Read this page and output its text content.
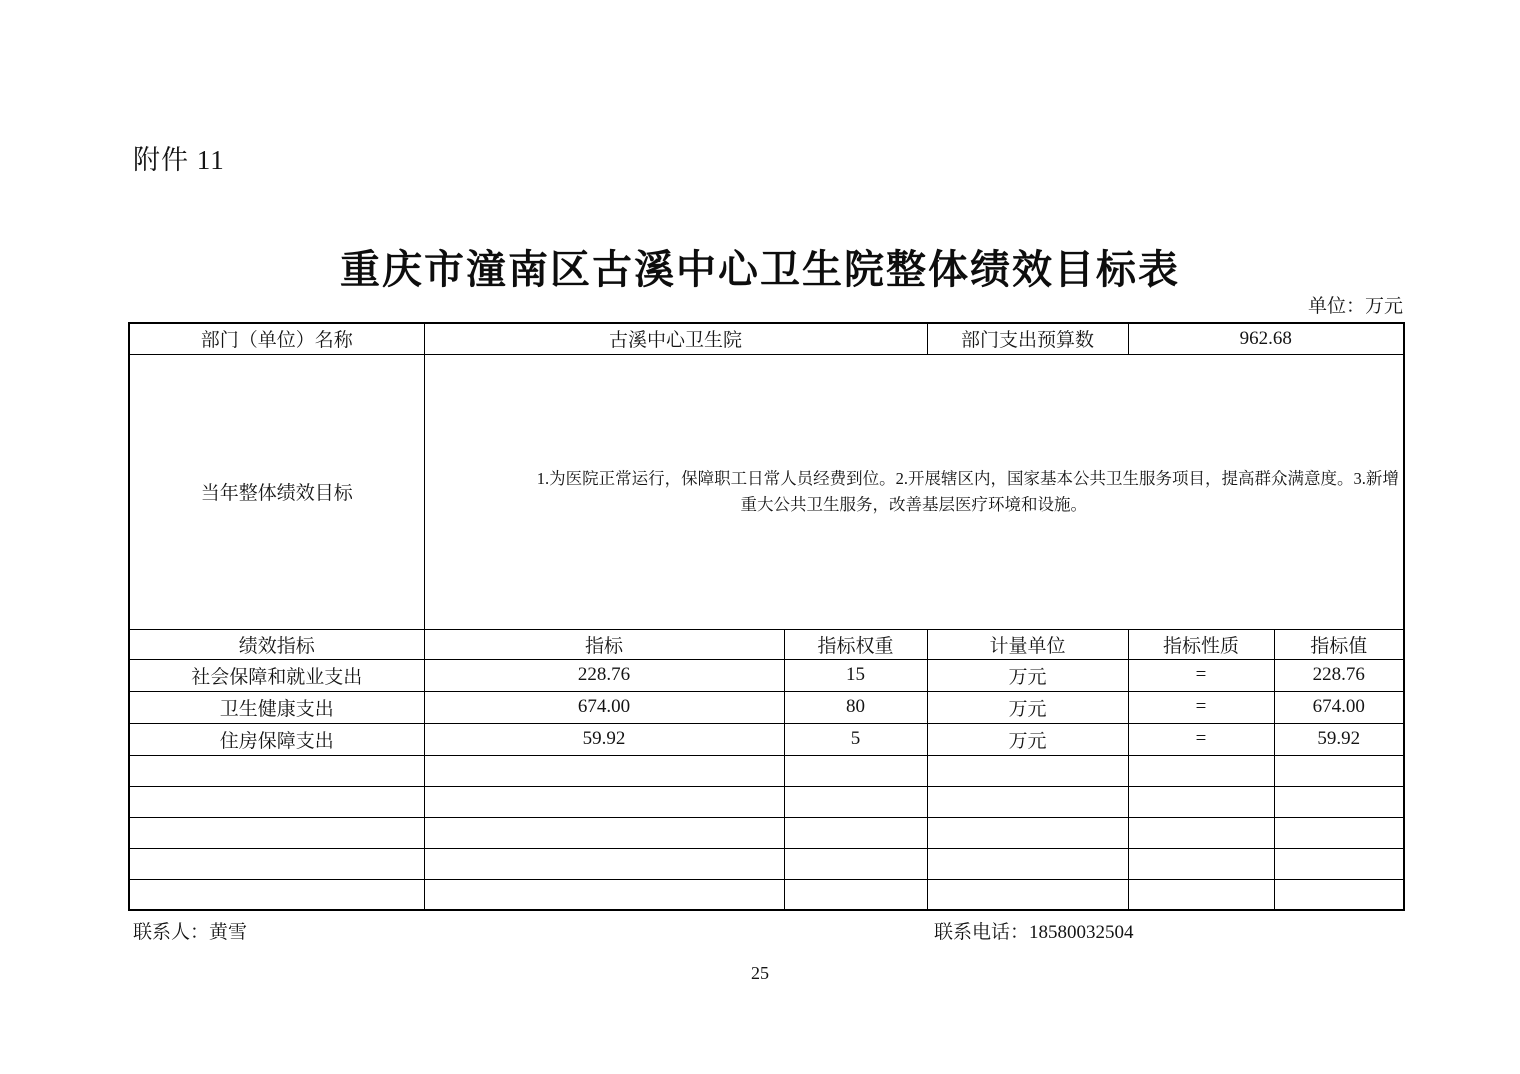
附件 11
重庆市潼南区古溪中心卫生院整体绩效目标表
单位：万元
部门（单位）名称	古溪中心卫生院		部门支出预算数	962.68	
当年整体绩效目标	1.为医院正常运行，保障职工日常人员经费到位。2.开展辖区内，国家基本公共卫生服务项目，提高群众满意度。3.新增重大公共卫生服务，改善基层医疗环境和设施。				
绩效指标	指标	指标权重	计量单位	指标性质	指标值
社会保障和就业支出	228.76	15	万元	=	228.76
卫生健康支出	674.00	80	万元	=	674.00
住房保障支出	59.92	5	万元	=	59.92

联系人：黄雪	联系电话：18580032504
25
